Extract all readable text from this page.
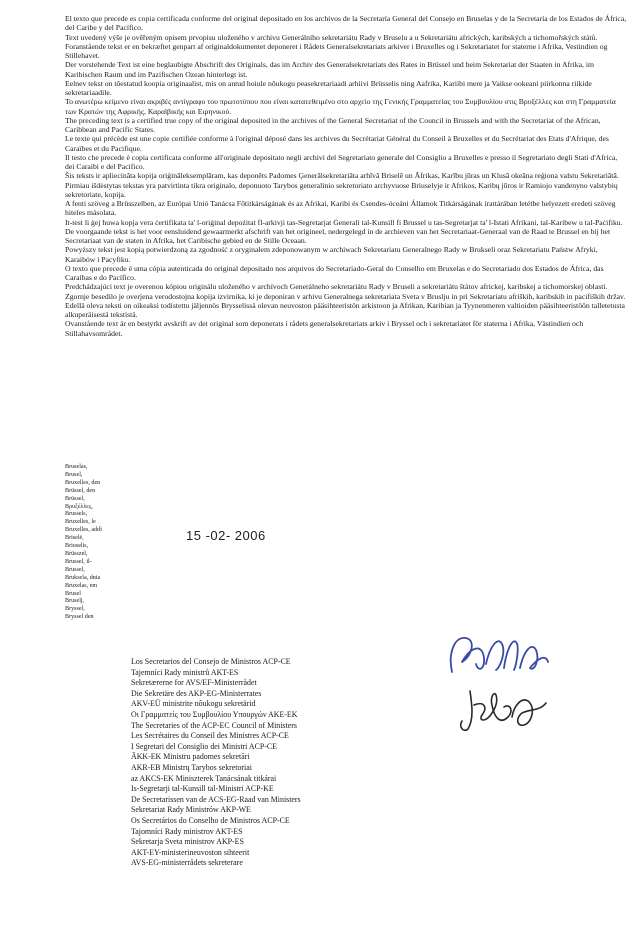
El texto que precede es copia certificada conforme del original depositado en los archivos de la Secretaría General del Consejo en Bruselas y de la Secretaría de los Estados de África, del Caribe y del Pacífico.

Text uvedený výše je ověřeným opisem prvopisu uloženého v archivu Generálního sekretariátu Rady v Bruselu a u Sekretariátu afrických, karibských a tichomořských států.

Foranstående tekst er en bekræftet genpart af originaldokumentet deponeret i Rådets Generalsekretariats arkiver i Bruxelles og i Sekretariatet for staterne i Afrika, Vestindien og Stillehavet.

Der vorstehende Text ist eine beglaubigte Abschrift des Originals, das im Archiv des Generalsekretariats des Rates in Brüssel und beim Sekretariat der Staaten in Afrika, im Karibischen Raum und im Pazifischen Ozean hinterlegt ist.

Eelnev tekst on tõestatud koopia originaalist, mis on antud hoiule nõukogu peasekretariaadi arhiivi Brüsselis ning Aafrika, Kariibi mere ja Vaikse ookeani piirkonna riikide sekretariaadile.

Το ανωτέρω κείμενο είναι ακριβές αντίγραφο του πρωτοτύπου που είναι κατατεθειμένο στο αρχείο της Γενικής Γραμματείας του Συμβουλίου στις Βρυξέλλες και στη Γραμματεία των Κρατών της Αφρικής, Καραϊβικής και Ειρηνικού.

The preceding text is a certified true copy of the original deposited in the archives of the General Secretariat of the Council in Brussels and with the Secretariat of the African, Caribbean and Pacific States.

Le texte qui précède est une copie certifiée conforme à l'original déposé dans les archives du Secrétariat Général du Conseil à Bruxelles et du Secrétariat des Etats d'Afrique, des Caraïbes et du Pacifique.

Il testo che precede è copia certificata conforme all'originale depositato negli archivi del Segretariato generale del Consiglio a Bruxelles e presso il Segretariato degli Stati d'Africa, dei Caraibi e del Pacifico.

Šis teksts ir apliecināta kopija oriģināleksemplāram, kas deponēts Padomes Ģenerālsekretariāta arhīvā Briselē un Āfrikas, Karību jūras un Klusā okeāna reģiona valstu Sekretariātā.

Pirmiau išdėstytas tekstas yra patvirtinta tikra originalo, deponuoto Tarybos generalinio sekretoriato archyvuose Briuselyje ir Afrikos, Karibų jūros ir Ramiojo vandenyno valstybių sekretoriate, kopija.

A fenti szöveg a Brüsszelben, az Európai Unió Tanácsa Főtitkárságának és az Afrikai, Karibi és Csendes-óceáni Államok Titkárságának irattárában letétbe helyezett eredeti szöveg hiteles másolata.

It-test li ġej huwa kopja vera ċertifikata ta' l-oriġinal depożitat fl-arkivji tas-Segretarjat Ġenerali tal-Kunsill fi Brussel u tas-Segretarjat ta' l-Istati Afrikani, tal-Karibew u tal-Paċifiku.

De voorgaande tekst is het voor eensluidend gewaarmerkt afschrift van het origineel, nedergelegd in de archieven van het Secretariaat-Generaal van de Raad te Brussel en bij het Secretariaat van de staten in Afrika, het Caribische gebied en de Stille Oceaan.

Powyższy tekst jest kopią potwierdzoną za zgodność z oryginałem zdeponowanym w archiwach Sekretariatu Generalnego Rady w Brukseli oraz Sekretariatu Państw Afryki, Karaibów i Pacyfiku.

O texto que precede é uma cópia autenticada do original depositado nos arquivos do Secretariado-Geral do Conselho em Bruxelas e do Secretariado dos Estados de África, das Caraíbas e do Pacífico.

Predchádzajúci text je overenou kópiou originálu uloženého v archívoch Generálneho sekretariátu Rady v Bruseli a sekretariátu štátov africkej, karibskej a tichomorskej oblasti.

Zgornje besedilo je overjena verodostojna kopija izvirnika, ki je deponiran v arhivu Generalnega sekretariata Sveta v Bruslju in pri Sekretariatu afriških, karibskih in pacifiških držav.

Edellä oleva teksti on oikeaksi todistettu jäljennös Brysselissä olevan neuvoston pääsihteeristön arkistoon ja Afrikan, Karibian ja Tyynenmeren valtioiden pääsihteeristöön talletetusta alkuperäisestä tekstistä.

Ovanstående text är en bestyrkt avskrift av det original som deponerats i rådets generalsekretariats arkiv i Bryssel och i sekretariatet för staterna i Afrika, Västindien och Stillahavsområdet.

Bruselas,
Brusel,
Bruxelles, den
Brüssel, den
Brüssel,
Βρυξέλλες,
Brussels,
Bruxelles, le
Bruxelles, addì
Briselē,
Briuselis,
Brüsszel,
Brussel, il-
Brussel,
Bruksela, dnia
Bruxelas, em
Brusel
Bruselj,
Bryssel,
Bryssel den
15 -02- 2006
Los Secretarios del Consejo de Ministros ACP-CE
Tajemníci Rady ministrů AKT-ES
Sekretærerne for AVS/EF-Ministerrådet
Die Sekretäre des AKP-EG-Ministerrates
AKV-EÜ ministrite nõukogu sekretärid
Οι Γραμματείς του Συμβουλίου Υπουργών ΑΚΕ-ΕΚ
The Secretaries of the ACP-EC Council of Ministers
Les Secrétaires du Conseil des Ministres ACP-CE
I Segretari del Consiglio dei Ministri ACP-CE
ĀKK-EK Ministru padomes sekretāri
AKR-EB Ministrų Tarybos sekretoriai
az AKCS-EK Miniszterek Tanácsának titkárai
Is-Segretarji tal-Kunsill tal-Ministri ACP-KE
De Secretarissen van de ACS-EG-Raad van Ministers
Sekretariat Rady Ministrów AKP-WE
Os Secretários do Conselho de Ministros ACP-CE
Tajomníci Rady ministrov AKT-ES
Sekretarja Sveta ministrov AKP-ES
AKT-EY-ministerineuvoston sihteerit
AVS-EG-ministerrådets sekreterare
